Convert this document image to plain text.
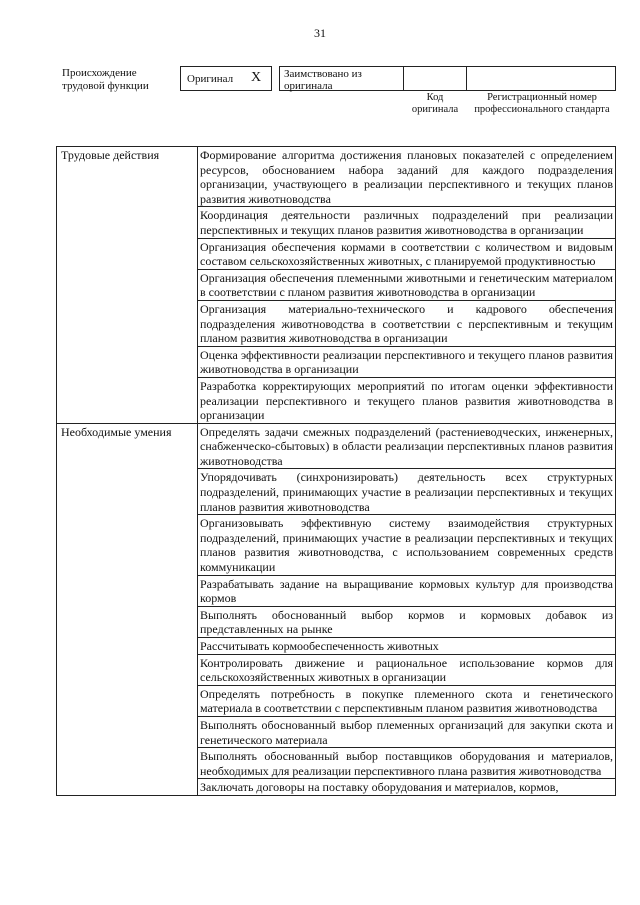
31
Происхождение трудовой функции
Оригинал X Заимствовано из оригинала
Код оригинала
Регистрационный номер профессионального стандарта
Трудовые действия	Формирование алгоритма достижения плановых показателей с определением ресурсов, обоснованием набора заданий для каждого подразделения организации, участвующего в реализации перспективного и текущих планов развития животноводства
	Координация деятельности различных подразделений при реализации перспективных и текущих планов развития животноводства в организации
	Организация обеспечения кормами в соответствии с количеством и видовым составом сельскохозяйственных животных, с планируемой продуктивностью
	Организация обеспечения племенными животными и генетическим материалом в соответствии с планом развития животноводства в организации
	Организация материально-технического и кадрового обеспечения подразделения животноводства в соответствии с перспективным и текущим планом развития животноводства в организации
	Оценка эффективности реализации перспективного и текущего планов развития животноводства в организации
	Разработка корректирующих мероприятий по итогам оценки эффективности реализации перспективного и текущего планов развития животноводства в организации
Необходимые умения	Определять задачи смежных подразделений (растениеводческих, инженерных, снабженческо-сбытовых) в области реализации перспективных планов развития животноводства
	Упорядочивать (синхронизировать) деятельность всех структурных подразделений, принимающих участие в реализации перспективных и текущих планов развития животноводства
	Организовывать эффективную систему взаимодействия структурных подразделений, принимающих участие в реализации перспективных и текущих планов развития животноводства, с использованием современных средств коммуникации
	Разрабатывать задание на выращивание кормовых культур для производства кормов
	Выполнять обоснованный выбор кормов и кормовых добавок из представленных на рынке
	Рассчитывать кормообеспеченность животных
	Контролировать движение и рациональное использование кормов для сельскохозяйственных животных в организации
	Определять потребность в покупке племенного скота и генетического материала в соответствии с перспективным планом развития животноводства
	Выполнять обоснованный выбор племенных организаций для закупки скота и генетического материала
	Выполнять обоснованный выбор поставщиков оборудования и материалов, необходимых для реализации перспективного плана развития животноводства
	Заключать договоры на поставку оборудования и материалов, кормов,
